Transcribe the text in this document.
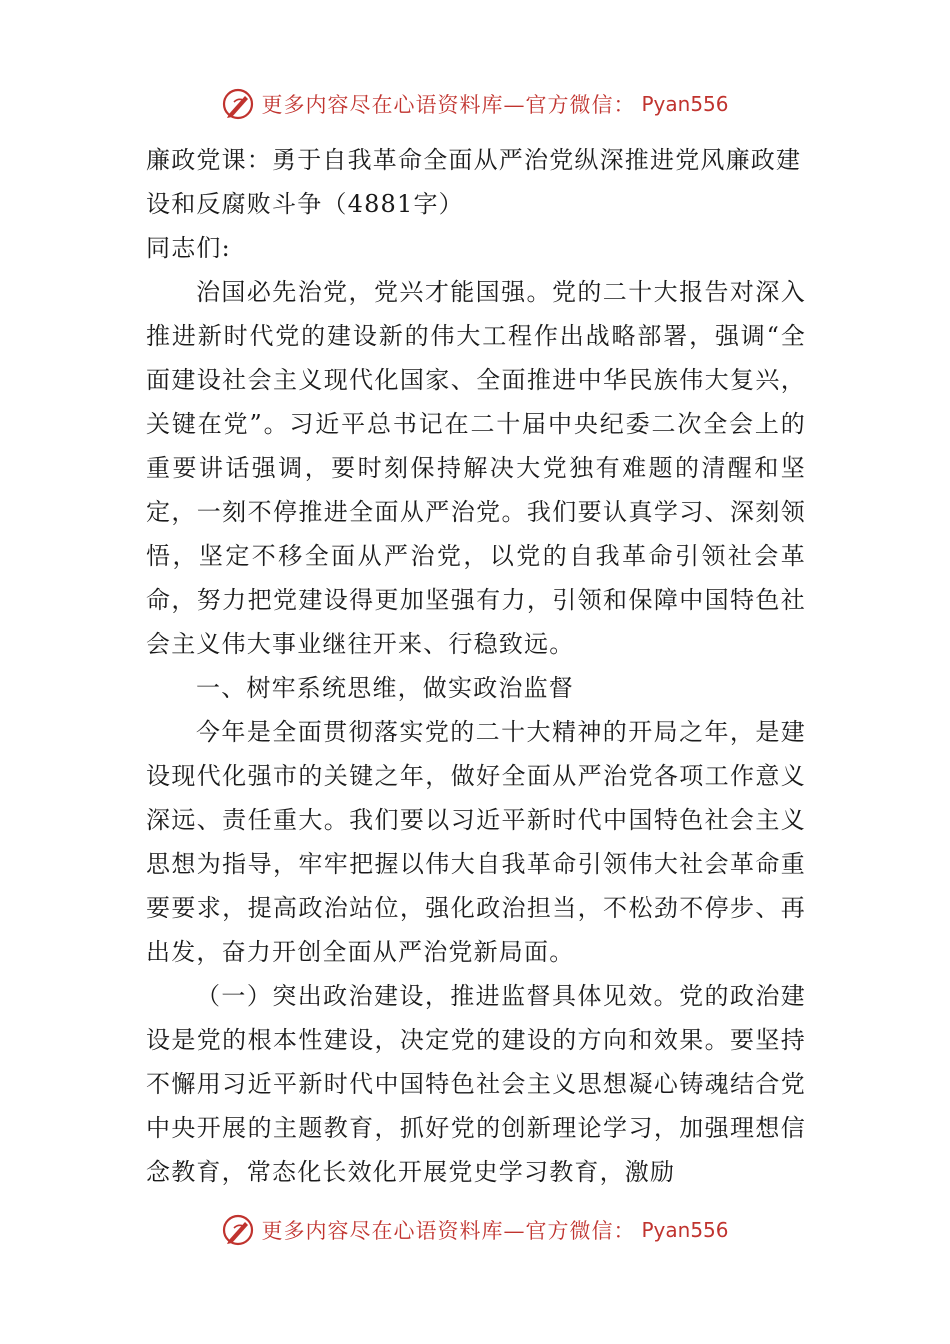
更多内容尽在心语资料库—官方微信： Pyan556
廉政党课：勇于自我革命全面从严治党纵深推进党风廉政建设和反腐败斗争（4881字）
同志们:
治国必先治党，党兴才能国强。党的二十大报告对深入推进新时代党的建设新的伟大工程作出战略部署，强调“全面建设社会主义现代化国家、全面推进中华民族伟大复兴，关键在党”。习近平总书记在二十届中央纪委二次全会上的重要讲话强调，要时刻保持解决大党独有难题的清醒和坚定，一刻不停推进全面从严治党。我们要认真学习、深刻领悟，坚定不移全面从严治党，以党的自我革命引领社会革命，努力把党建设得更加坚强有力，引领和保障中国特色社会主义伟大事业继往开来、行稳致远。
一、树牢系统思维，做实政治监督
今年是全面贯彻落实党的二十大精神的开局之年，是建设现代化强市的关键之年，做好全面从严治党各项工作意义深远、责任重大。我们要以习近平新时代中国特色社会主义思想为指导，牢牢把握以伟大自我革命引领伟大社会革命重要要求，提高政治站位，强化政治担当，不松劲不停步、再出发，奋力开创全面从严治党新局面。
（一）突出政治建设，推进监督具体见效。党的政治建设是党的根本性建设，决定党的建设的方向和效果。要坚持不懈用习近平新时代中国特色社会主义思想凝心铸魂结合党中央开展的主题教育，抓好党的创新理论学习，加强理想信念教育，常态化长效化开展党史学习教育，激励
更多内容尽在心语资料库—官方微信： Pyan556
